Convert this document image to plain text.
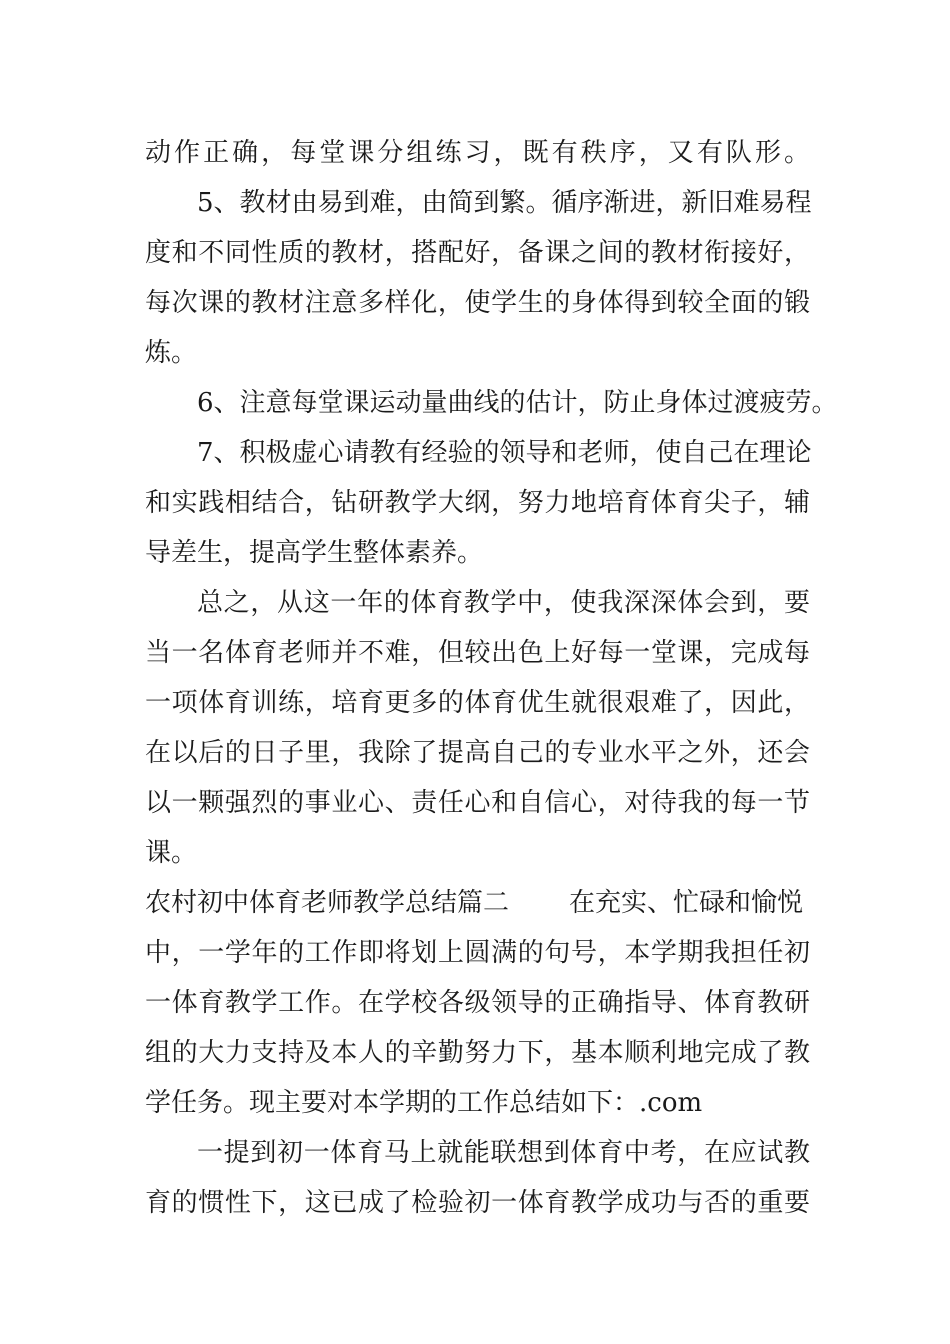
动作正确，每堂课分组练习，既有秩序，又有队形。
5、教材由易到难，由简到繁。循序渐进，新旧难易程
度和不同性质的教材，搭配好，备课之间的教材衔接好，
每次课的教材注意多样化，使学生的身体得到较全面的锻
炼。
6、注意每堂课运动量曲线的估计，防止身体过渡疲劳。
7、积极虚心请教有经验的领导和老师，使自己在理论
和实践相结合，钻研教学大纲，努力地培育体育尖子，辅
导差生，提高学生整体素养。
总之，从这一年的体育教学中，使我深深体会到，要
当一名体育老师并不难，但较出色上好每一堂课，完成每
一项体育训练，培育更多的体育优生就很艰难了，因此，
在以后的日子里，我除了提高自己的专业水平之外，还会
以一颗强烈的事业心、责任心和自信心，对待我的每一节
课。
农村初中体育老师教学总结篇二 在充实、忙碌和愉悦
中，一学年的工作即将划上圆满的句号，本学期我担任初
一体育教学工作。在学校各级领导的正确指导、体育教研
组的大力支持及本人的辛勤努力下，基本顺利地完成了教
学任务。现主要对本学期的工作总结如下：.com
一提到初一体育马上就能联想到体育中考，在应试教
育的惯性下，这已成了检验初一体育教学成功与否的重要
